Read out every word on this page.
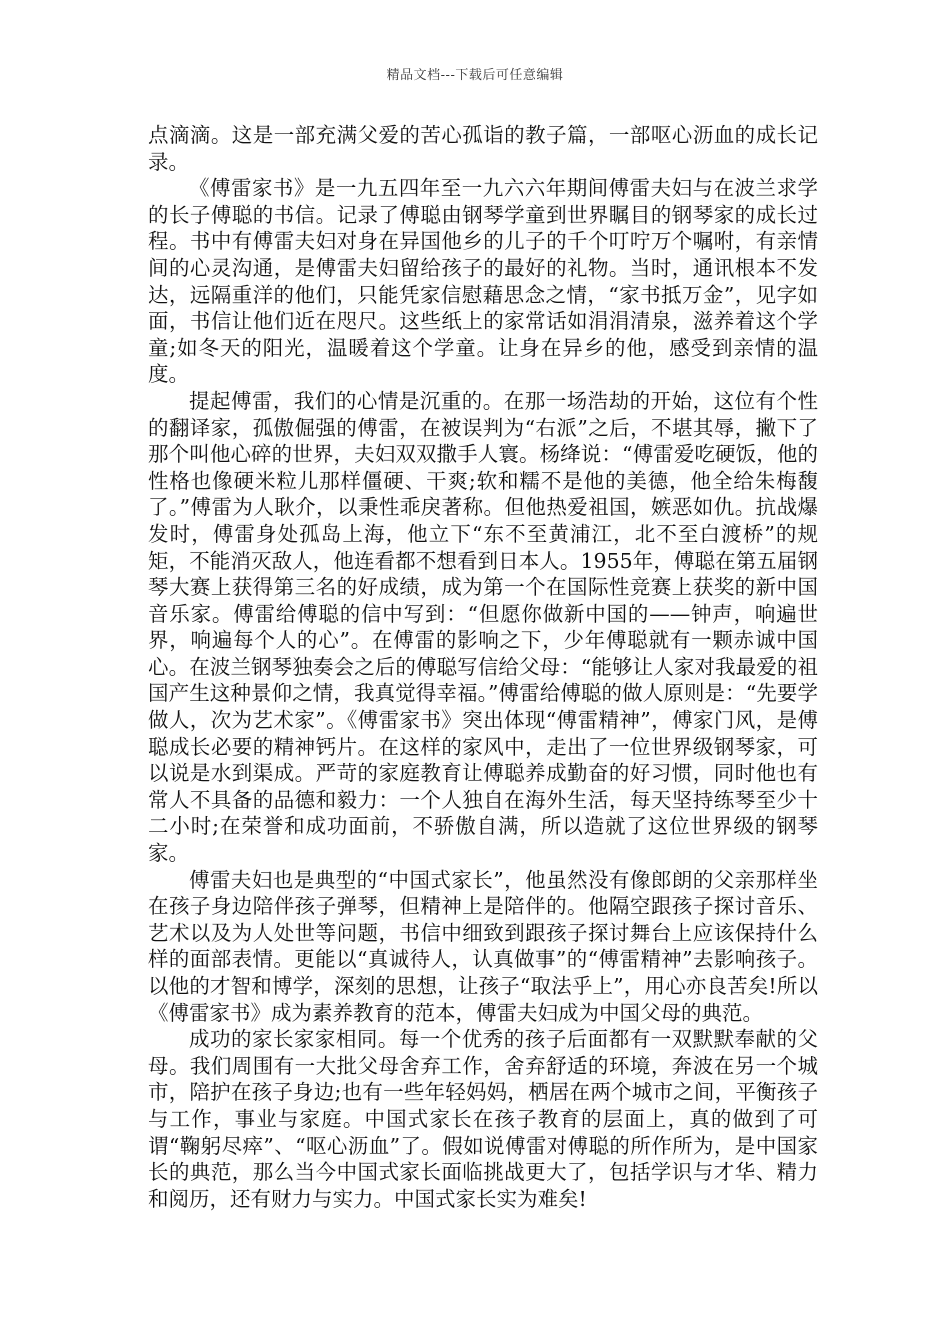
精品文档---下载后可任意编辑

点滴滴。这是一部充满父爱的苦心孤诣的教子篇，一部呕心沥血的成长记录。

《傅雷家书》是一九五四年至一九六六年期间傅雷夫妇与在波兰求学的长子傅聪的书信。记录了傅聪由钢琴学童到世界瞩目的钢琴家的成长过程。书中有傅雷夫妇对身在异国他乡的儿子的千个叮咛万个嘱咐，有亲情间的心灵沟通，是傅雷夫妇留给孩子的最好的礼物。当时，通讯根本不发达，远隔重洋的他们，只能凭家信慰藉思念之情，“家书抵万金”，见字如面，书信让他们近在咫尺。这些纸上的家常话如涓涓清泉，滋养着这个学童;如冬天的阳光，温暖着这个学童。让身在异乡的他，感受到亲情的温度。

提起傅雷，我们的心情是沉重的。在那一场浩劫的开始，这位有个性的翻译家，孤傲倔强的傅雷，在被误判为“右派”之后，不堪其辱，撇下了那个叫他心碎的世界，夫妇双双撒手人寰。杨绛说：“傅雷爱吃硬饭，他的性格也像硬米粒儿那样僵硬、干爽;软和糯不是他的美德，他全给朱梅馥了。”傅雷为人耿介，以秉性乖戾著称。但他热爱祖国，嫉恶如仇。抗战爆发时，傅雷身处孤岛上海，他立下“东不至黄浦江，北不至白渡桥”的规矩，不能消灭敌人，他连看都不想看到日本人。1955年，傅聪在第五届钢琴大赛上获得第三名的好成绩，成为第一个在国际性竞赛上获奖的新中国音乐家。傅雷给傅聪的信中写到：“但愿你做新中国的——钟声，响遍世界，响遍每个人的心”。在傅雷的影响之下，少年傅聪就有一颗赤诚中国心。在波兰钢琴独奏会之后的傅聪写信给父母：“能够让人家对我最爱的祖国产生这种景仰之情，我真觉得幸福。”傅雷给傅聪的做人原则是：“先要学做人，次为艺术家”。《傅雷家书》突出体现“傅雷精神”，傅家门风，是傅聪成长必要的精神钙片。在这样的家风中，走出了一位世界级钢琴家，可以说是水到渠成。严苛的家庭教育让傅聪养成勤奋的好习惯，同时他也有常人不具备的品德和毅力：一个人独自在海外生活，每天坚持练琴至少十二小时;在荣誉和成功面前，不骄傲自满，所以造就了这位世界级的钢琴家。

傅雷夫妇也是典型的“中国式家长”，他虽然没有像郎朗的父亲那样坐在孩子身边陪伴孩子弹琴，但精神上是陪伴的。他隔空跟孩子探讨音乐、艺术以及为人处世等问题，书信中细致到跟孩子探讨舞台上应该保持什么样的面部表情。更能以“真诚待人，认真做事”的“傅雷精神”去影响孩子。以他的才智和博学，深刻的思想，让孩子“取法乎上”，用心亦良苦矣!所以《傅雷家书》成为素养教育的范本，傅雷夫妇成为中国父母的典范。

成功的家长家家相同。每一个优秀的孩子后面都有一双默默奉献的父母。我们周围有一大批父母舍弃工作，舍弃舒适的环境，奔波在另一个城市，陪护在孩子身边;也有一些年轻妈妈，栖居在两个城市之间，平衡孩子与工作，事业与家庭。中国式家长在孩子教育的层面上，真的做到了可谓“鞠躬尽瘁”、“呕心沥血”了。假如说傅雷对傅聪的所作所为，是中国家长的典范，那么当今中国式家长面临挑战更大了，包括学识与才华、精力和阅历，还有财力与实力。中国式家长实为难矣!
